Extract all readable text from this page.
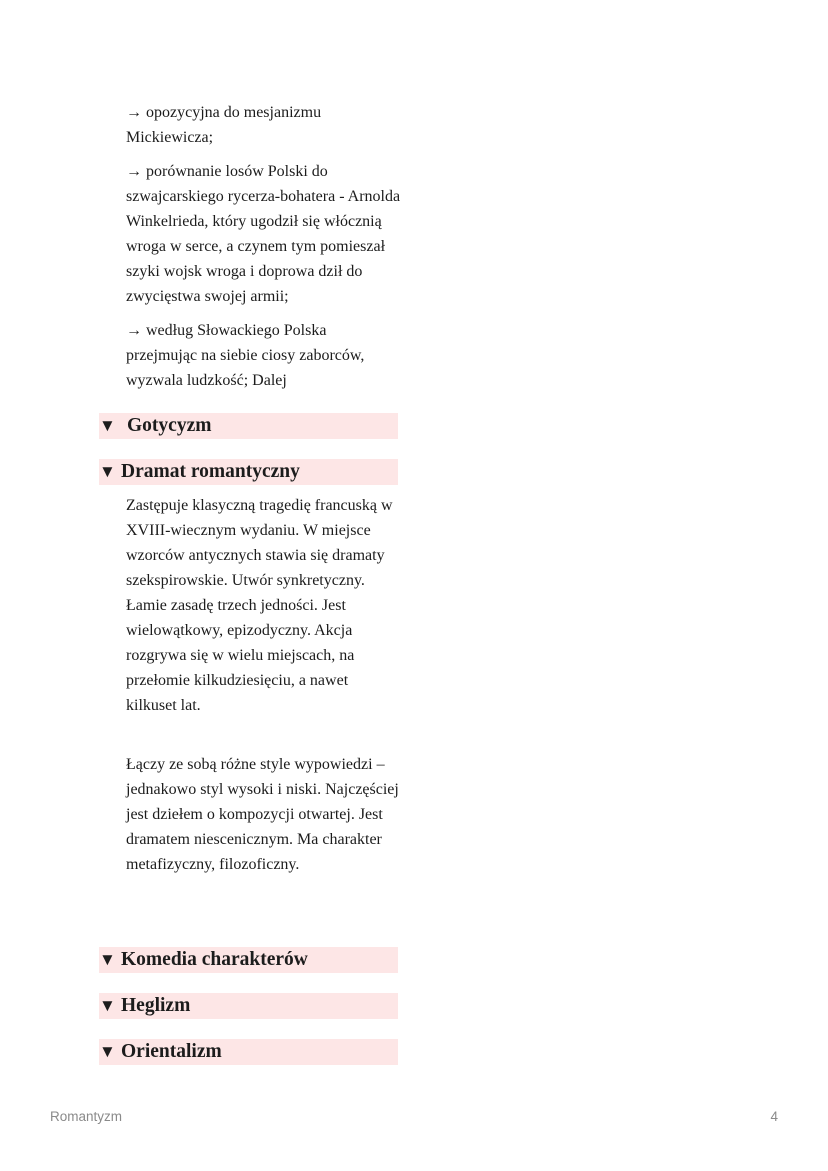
→ opozycyjna do mesjanizmu Mickiewicza;

→ porównanie losów Polski do szwajcarskiego rycerza-bohatera - Arnolda Winkelrieda, który ugodził się włócznią wroga w serce, a czynem tym pomieszał szyki wojsk wroga i doprowa dził do zwycięstwa swojej armii;

→ według Słowackiego Polska przejmując na siebie ciosy zaborców, wyzwala ludzkość; Dalej

▼ Gotycyzm
▼ Dramat romantyczny

Zastępuje klasyczną tragedię francuską w XVIII-wiecznym wydaniu. W miejsce wzorców antycznych stawia się dramaty szekspirowskie. Utwór synkretyczny. Łamie zasadę trzech jedności. Jest wielowątkowy, epizodyczny. Akcja rozgrywa się w wielu miejscach, na przełomie kilkudziesięciu, a nawet kilkuset lat.

Łączy ze sobą różne style wypowiedzi – jednakowo styl wysoki i niski. Najczęściej jest dziełem o kompozycji otwartej. Jest dramatem niescenicznym. Ma charakter metafizyczny, filozoficzny.

▼ Komedia charakterów
▼ Heglizm
▼ Orientalizm
Romantyzm	4
